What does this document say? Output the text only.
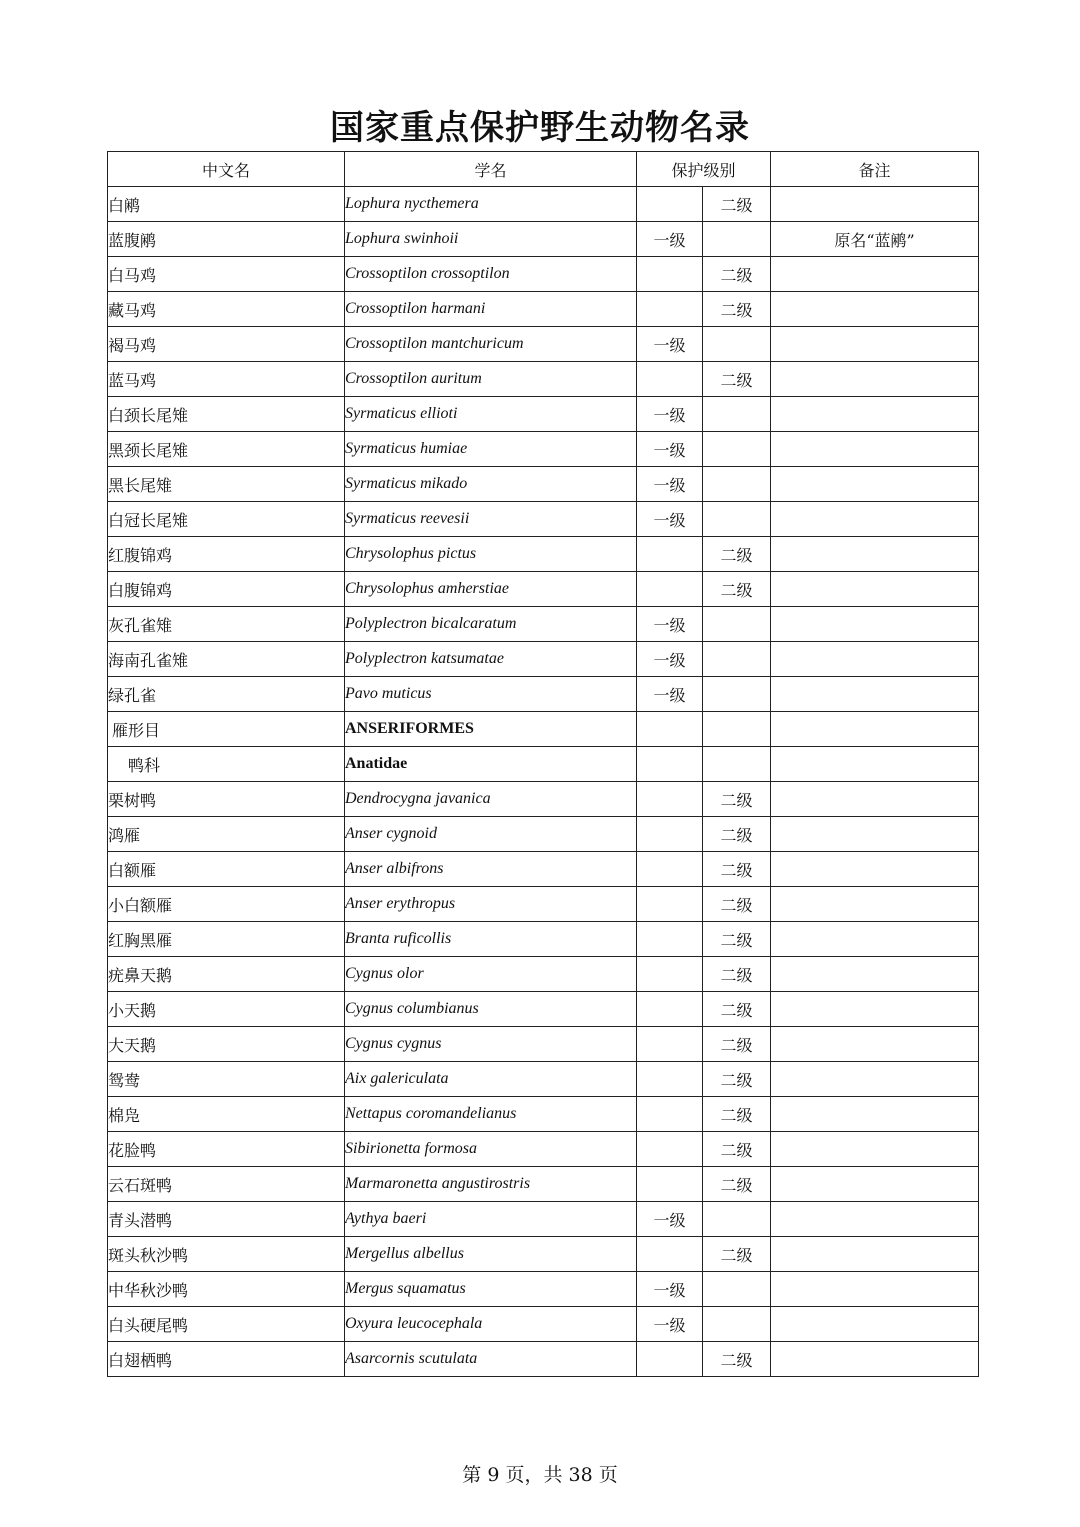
国家重点保护野生动物名录
中文名	学名	保护级别		备注
白鹇	Lophura nycthemera		二级	
蓝腹鹇	Lophura swinhoii	一级		原名“蓝鹇”
白马鸡	Crossoptilon crossoptilon		二级	
藏马鸡	Crossoptilon harmani		二级	
褐马鸡	Crossoptilon mantchuricum	一级		
蓝马鸡	Crossoptilon auritum		二级	
白颈长尾雉	Syrmaticus ellioti	一级		
黑颈长尾雉	Syrmaticus humiae	一级		
黑长尾雉	Syrmaticus mikado	一级		
白冠长尾雉	Syrmaticus reevesii	一级		
红腹锦鸡	Chrysolophus pictus		二级	
白腹锦鸡	Chrysolophus amherstiae		二级	
灰孔雀雉	Polyplectron bicalcaratum	一级		
海南孔雀雉	Polyplectron katsumatae	一级		
绿孔雀	Pavo muticus	一级		
雁形目	ANSERIFORMES			
鸭科	Anatidae			
栗树鸭	Dendrocygna javanica		二级	
鸿雁	Anser cygnoid		二级	
白额雁	Anser albifrons		二级	
小白额雁	Anser erythropus		二级	
红胸黑雁	Branta ruficollis		二级	
疣鼻天鹅	Cygnus olor		二级	
小天鹅	Cygnus columbianus		二级	
大天鹅	Cygnus cygnus		二级	
鸳鸯	Aix galericulata		二级	
棉凫	Nettapus coromandelianus		二级	
花脸鸭	Sibirionetta formosa		二级	
云石斑鸭	Marmaronetta angustirostris		二级	
青头潜鸭	Aythya baeri	一级		
斑头秋沙鸭	Mergellus albellus		二级	
中华秋沙鸭	Mergus squamatus	一级		
白头硬尾鸭	Oxyura leucocephala	一级		
白翅栖鸭	Asarcornis scutulata		二级	
第 9 页，共 38 页
